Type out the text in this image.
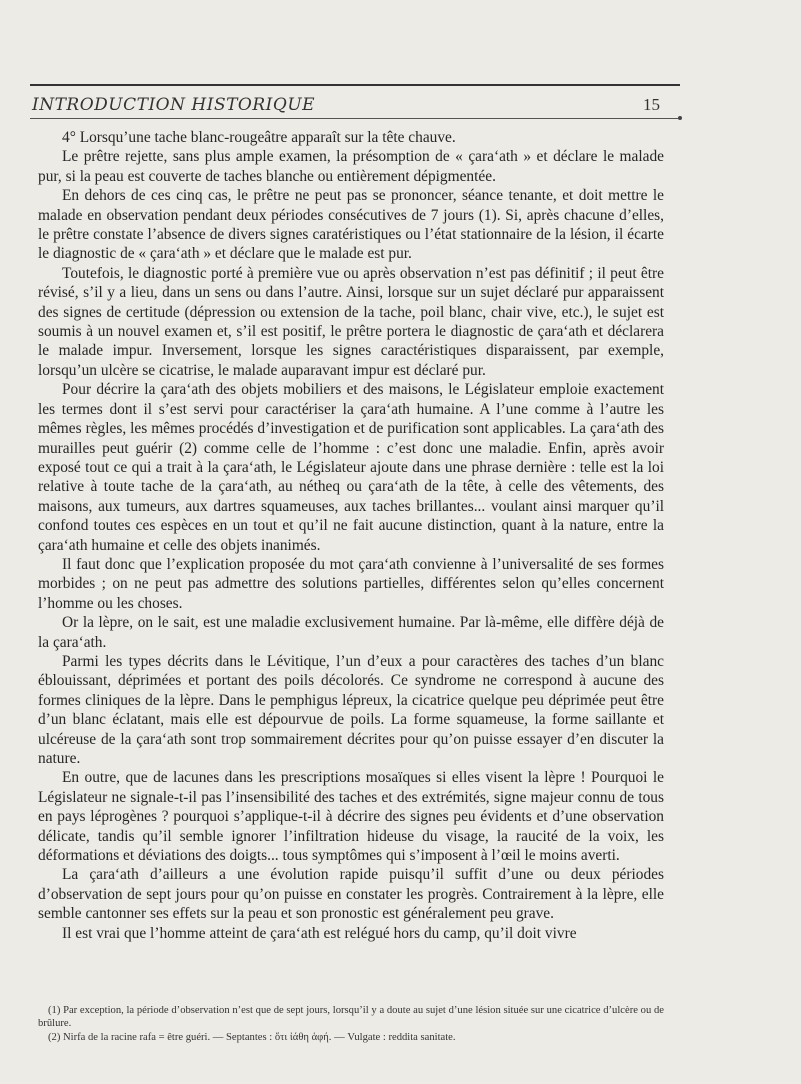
INTRODUCTION HISTORIQUE	15

4° Lorsqu’une tache blanc-rougeâtre apparaît sur la tête chauve.

Le prêtre rejette, sans plus ample examen, la présomption de « çara‘ath » et déclare le malade pur, si la peau est couverte de taches blanche ou entièrement dépigmentée.

En dehors de ces cinq cas, le prêtre ne peut pas se prononcer, séance tenante, et doit mettre le malade en observation pendant deux périodes consécutives de 7 jours (1). Si, après chacune d’elles, le prêtre constate l’absence de divers signes caratéristiques ou l’état stationnaire de la lésion, il écarte le diagnostic de « çara‘ath » et déclare que le malade est pur.

Toutefois, le diagnostic porté à première vue ou après observation n’est pas définitif ; il peut être révisé, s’il y a lieu, dans un sens ou dans l’autre. Ainsi, lorsque sur un sujet déclaré pur apparaissent des signes de certitude (dépression ou extension de la tache, poil blanc, chair vive, etc.), le sujet est soumis à un nouvel examen et, s’il est positif, le prêtre portera le diagnostic de çara‘ath et déclarera le malade impur. Inversement, lorsque les signes caractéristiques disparaissent, par exemple, lorsqu’un ulcère se cicatrise, le malade auparavant impur est déclaré pur.

Pour décrire la çara‘ath des objets mobiliers et des maisons, le Législateur emploie exactement les termes dont il s’est servi pour caractériser la çara‘ath humaine. A l’une comme à l’autre les mêmes règles, les mêmes procédés d’investigation et de purification sont applicables. La çara‘ath des murailles peut guérir (2) comme celle de l’homme : c’est donc une maladie. Enfin, après avoir exposé tout ce qui a trait à la çara‘ath, le Législateur ajoute dans une phrase dernière : telle est la loi relative à toute tache de la çara‘ath, au nétheq ou çara‘ath de la tête, à celle des vêtements, des maisons, aux tumeurs, aux dartres squameuses, aux taches brillantes... voulant ainsi marquer qu’il confond toutes ces espèces en un tout et qu’il ne fait aucune distinction, quant à la nature, entre la çara‘ath humaine et celle des objets inanimés.

Il faut donc que l’explication proposée du mot çara‘ath convienne à l’universalité de ses formes morbides ; on ne peut pas admettre des solutions partielles, différentes selon qu’elles concernent l’homme ou les choses.

Or la lèpre, on le sait, est une maladie exclusivement humaine. Par là-même, elle diffère déjà de la çara‘ath.

Parmi les types décrits dans le Lévitique, l’un d’eux a pour caractères des taches d’un blanc éblouissant, déprimées et portant des poils décolorés. Ce syndrome ne correspond à aucune des formes cliniques de la lèpre. Dans le pemphigus lépreux, la cicatrice quelque peu déprimée peut être d’un blanc éclatant, mais elle est dépourvue de poils. La forme squameuse, la forme saillante et ulcéreuse de la çara‘ath sont trop sommairement décrites pour qu’on puisse essayer d’en discuter la nature.

En outre, que de lacunes dans les prescriptions mosaïques si elles visent la lèpre ! Pourquoi le Législateur ne signale-t-il pas l’insensibilité des taches et des extrémités, signe majeur connu de tous en pays léprogènes ? pourquoi s’applique-t-il à décrire des signes peu évidents et d’une observation délicate, tandis qu’il semble ignorer l’infiltration hideuse du visage, la raucité de la voix, les déformations et déviations des doigts... tous symptômes qui s’imposent à l’œil le moins averti.

La çara‘ath d’ailleurs a une évolution rapide puisqu’il suffit d’une ou deux périodes d’observation de sept jours pour qu’on puisse en constater les progrès. Contrairement à la lèpre, elle semble cantonner ses effets sur la peau et son pronostic est généralement peu grave.

Il est vrai que l’homme atteint de çara‘ath est relégué hors du camp, qu’il doit vivre

(1) Par exception, la période d’observation n’est que de sept jours, lorsqu’il y a doute au sujet d’une lésion située sur une cicatrice d’ulcère ou de brûlure.

(2) Nirfa de la racine rafa = être guéri. — Septantes : ὅτι ἰάθη ἁφή. — Vulgate : reddita sanitate.
